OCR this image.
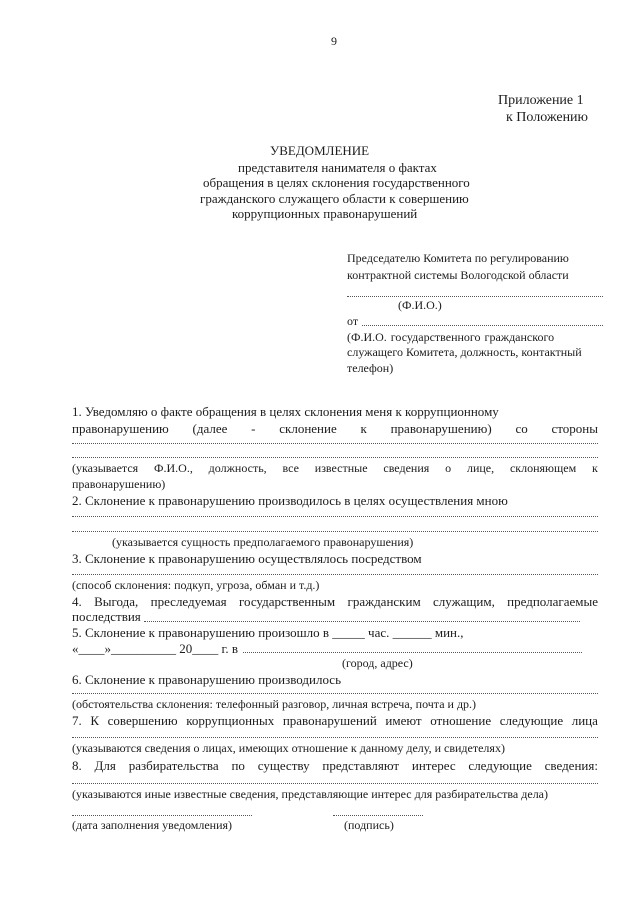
9
Приложение 1
к Положению
УВЕДОМЛЕНИЕ
представителя нанимателя о фактах
обращения в целях склонения государственного
гражданского служащего области к совершению
коррупционных правонарушений
Председателю Комитета по регулированию
контрактной системы Вологодской области
(Ф.И.О.)
от
(Ф.И.О. государственного гражданского
служащего Комитета, должность, контактный
телефон)
1. Уведомляю о факте обращения в целях склонения меня к коррупционному
правонарушению (далее - склонение к правонарушению) со стороны
(указывается Ф.И.О., должность, все известные сведения о лице, склоняющем к
правонарушению)
2. Склонение к правонарушению производилось в целях осуществления мною
(указывается сущность предполагаемого правонарушения)
3. Склонение к правонарушению осуществлялось посредством
(способ склонения: подкуп, угроза, обман и т.д.)
4. Выгода, преследуемая государственным гражданским служащим, предполагаемые
последствия
5. Склонение к правонарушению произошло в _____ час. ______ мин.,
«____»__________ 20____ г. в
(город, адрес)
6. Склонение к правонарушению производилось
(обстоятельства склонения: телефонный разговор, личная встреча, почта и др.)
7. К совершению коррупционных правонарушений имеют отношение следующие лица
(указываются сведения о лицах, имеющих отношение к данному делу, и свидетелях)
8. Для разбирательства по существу представляют интерес следующие сведения:
(указываются иные известные сведения, представляющие интерес для разбирательства дела)
(дата заполнения уведомления)	(подпись)
